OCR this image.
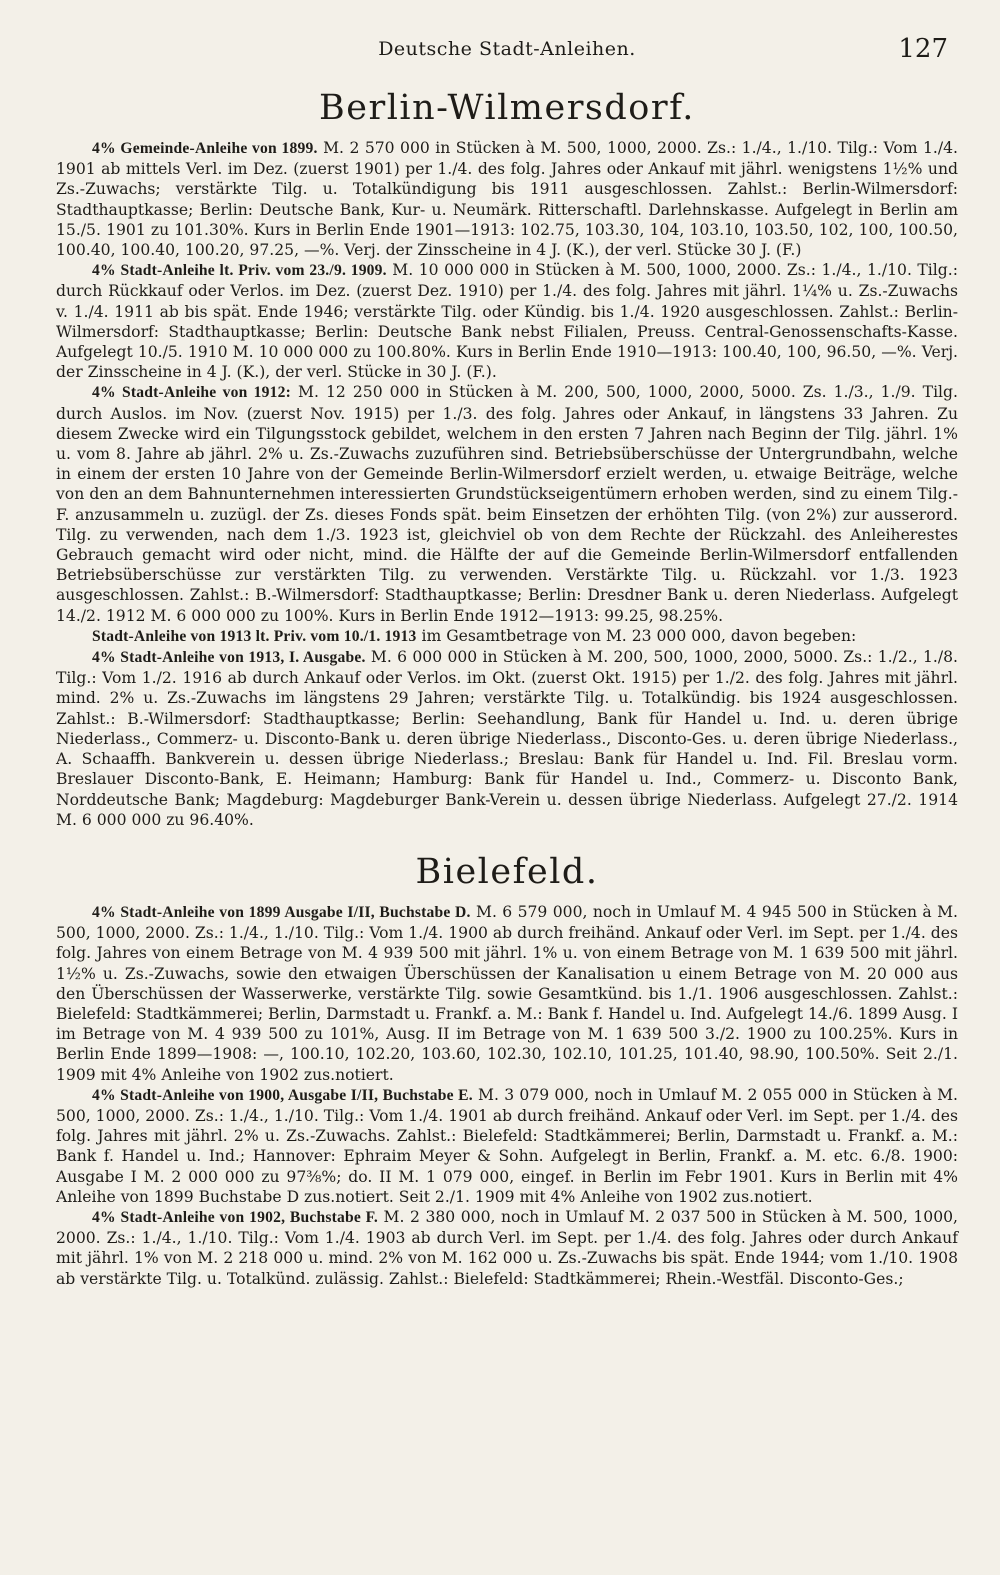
Deutsche Stadt-Anleihen.	127
Berlin-Wilmersdorf.

4% Gemeinde-Anleihe von 1899. M. 2 570 000 in Stücken à M. 500, 1000, 2000. Zs.: 1./4., 1./10. Tilg.: Vom 1./4. 1901 ab mittels Verl. im Dez. (zuerst 1901) per 1./4. des folg. Jahres oder Ankauf mit jährl. wenigstens 1½% und Zs.-Zuwachs; verstärkte Tilg. u. Totalkündigung bis 1911 ausgeschlossen. Zahlst.: Berlin-Wilmersdorf: Stadthauptkasse; Berlin: Deutsche Bank, Kur- u. Neumärk. Ritterschaftl. Darlehnskasse. Aufgelegt in Berlin am 15./5. 1901 zu 101.30%. Kurs in Berlin Ende 1901—1913: 102.75, 103.30, 104, 103.10, 103.50, 102, 100, 100.50, 100.40, 100.40, 100.20, 97.25, —%. Verj. der Zinsscheine in 4 J. (K.), der verl. Stücke 30 J. (F.)

4% Stadt-Anleihe lt. Priv. vom 23./9. 1909. M. 10 000 000 in Stücken à M. 500, 1000, 2000. Zs.: 1./4., 1./10. Tilg.: durch Rückkauf oder Verlos. im Dez. (zuerst Dez. 1910) per 1./4. des folg. Jahres mit jährl. 1¼% u. Zs.-Zuwachs v. 1./4. 1911 ab bis spät. Ende 1946; verstärkte Tilg. oder Kündig. bis 1./4. 1920 ausgeschlossen. Zahlst.: Berlin-Wilmersdorf: Stadthauptkasse; Berlin: Deutsche Bank nebst Filialen, Preuss. Central-Genossenschafts-Kasse. Aufgelegt 10./5. 1910 M. 10 000 000 zu 100.80%. Kurs in Berlin Ende 1910—1913: 100.40, 100, 96.50, —%. Verj. der Zinsscheine in 4 J. (K.), der verl. Stücke in 30 J. (F.).

4% Stadt-Anleihe von 1912: M. 12 250 000 in Stücken à M. 200, 500, 1000, 2000, 5000. Zs. 1./3., 1./9. Tilg. durch Auslos. im Nov. (zuerst Nov. 1915) per 1./3. des folg. Jahres oder Ankauf, in längstens 33 Jahren. Zu diesem Zwecke wird ein Tilgungsstock gebildet, welchem in den ersten 7 Jahren nach Beginn der Tilg. jährl. 1% u. vom 8. Jahre ab jährl. 2% u. Zs.-Zuwachs zuzuführen sind. Betriebsüberschüsse der Untergrundbahn, welche in einem der ersten 10 Jahre von der Gemeinde Berlin-Wilmersdorf erzielt werden, u. etwaige Beiträge, welche von den an dem Bahnunternehmen interessierten Grundstückseigentümern erhoben werden, sind zu einem Tilg.-F. anzusammeln u. zuzügl. der Zs. dieses Fonds spät. beim Einsetzen der erhöhten Tilg. (von 2%) zur ausserord. Tilg. zu verwenden, nach dem 1./3. 1923 ist, gleichviel ob von dem Rechte der Rückzahl. des Anleiherestes Gebrauch gemacht wird oder nicht, mind. die Hälfte der auf die Gemeinde Berlin-Wilmersdorf entfallenden Betriebsüberschüsse zur verstärkten Tilg. zu verwenden. Verstärkte Tilg. u. Rückzahl. vor 1./3. 1923 ausgeschlossen. Zahlst.: B.-Wilmersdorf: Stadthauptkasse; Berlin: Dresdner Bank u. deren Niederlass. Aufgelegt 14./2. 1912 M. 6 000 000 zu 100%. Kurs in Berlin Ende 1912—1913: 99.25, 98.25%.

Stadt-Anleihe von 1913 lt. Priv. vom 10./1. 1913 im Gesamtbetrage von M. 23 000 000, davon begeben:

4% Stadt-Anleihe von 1913, I. Ausgabe. M. 6 000 000 in Stücken à M. 200, 500, 1000, 2000, 5000. Zs.: 1./2., 1./8. Tilg.: Vom 1./2. 1916 ab durch Ankauf oder Verlos. im Okt. (zuerst Okt. 1915) per 1./2. des folg. Jahres mit jährl. mind. 2% u. Zs.-Zuwachs im längstens 29 Jahren; verstärkte Tilg. u. Totalkündig. bis 1924 ausgeschlossen. Zahlst.: B.-Wilmersdorf: Stadthauptkasse; Berlin: Seehandlung, Bank für Handel u. Ind. u. deren übrige Niederlass., Commerz- u. Disconto-Bank u. deren übrige Niederlass., Disconto-Ges. u. deren übrige Niederlass., A. Schaaffh. Bankverein u. dessen übrige Niederlass.; Breslau: Bank für Handel u. Ind. Fil. Breslau vorm. Breslauer Disconto-Bank, E. Heimann; Hamburg: Bank für Handel u. Ind., Commerz- u. Disconto Bank, Norddeutsche Bank; Magdeburg: Magdeburger Bank-Verein u. dessen übrige Niederlass. Aufgelegt 27./2. 1914 M. 6 000 000 zu 96.40%.

Bielefeld.

4% Stadt-Anleihe von 1899 Ausgabe I/II, Buchstabe D. M. 6 579 000, noch in Umlauf M. 4 945 500 in Stücken à M. 500, 1000, 2000. Zs.: 1./4., 1./10. Tilg.: Vom 1./4. 1900 ab durch freihänd. Ankauf oder Verl. im Sept. per 1./4. des folg. Jahres von einem Betrage von M. 4 939 500 mit jährl. 1% u. von einem Betrage von M. 1 639 500 mit jährl. 1½% u. Zs.-Zuwachs, sowie den etwaigen Überschüssen der Kanalisation u einem Betrage von M. 20 000 aus den Überschüssen der Wasserwerke, verstärkte Tilg. sowie Gesamtkünd. bis 1./1. 1906 ausgeschlossen. Zahlst.: Bielefeld: Stadtkämmerei; Berlin, Darmstadt u. Frankf. a. M.: Bank f. Handel u. Ind. Aufgelegt 14./6. 1899 Ausg. I im Betrage von M. 4 939 500 zu 101%, Ausg. II im Betrage von M. 1 639 500 3./2. 1900 zu 100.25%. Kurs in Berlin Ende 1899—1908: —, 100.10, 102.20, 103.60, 102.30, 102.10, 101.25, 101.40, 98.90, 100.50%. Seit 2./1. 1909 mit 4% Anleihe von 1902 zus.notiert.

4% Stadt-Anleihe von 1900, Ausgabe I/II, Buchstabe E. M. 3 079 000, noch in Umlauf M. 2 055 000 in Stücken à M. 500, 1000, 2000. Zs.: 1./4., 1./10. Tilg.: Vom 1./4. 1901 ab durch freihänd. Ankauf oder Verl. im Sept. per 1./4. des folg. Jahres mit jährl. 2% u. Zs.-Zuwachs. Zahlst.: Bielefeld: Stadtkämmerei; Berlin, Darmstadt u. Frankf. a. M.: Bank f. Handel u. Ind.; Hannover: Ephraim Meyer & Sohn. Aufgelegt in Berlin, Frankf. a. M. etc. 6./8. 1900: Ausgabe I M. 2 000 000 zu 97⅜%; do. II M. 1 079 000, eingef. in Berlin im Febr 1901. Kurs in Berlin mit 4% Anleihe von 1899 Buchstabe D zus.notiert. Seit 2./1. 1909 mit 4% Anleihe von 1902 zus.notiert.

4% Stadt-Anleihe von 1902, Buchstabe F. M. 2 380 000, noch in Umlauf M. 2 037 500 in Stücken à M. 500, 1000, 2000. Zs.: 1./4., 1./10. Tilg.: Vom 1./4. 1903 ab durch Verl. im Sept. per 1./4. des folg. Jahres oder durch Ankauf mit jährl. 1% von M. 2 218 000 u. mind. 2% von M. 162 000 u. Zs.-Zuwachs bis spät. Ende 1944; vom 1./10. 1908 ab verstärkte Tilg. u. Totalkünd. zulässig. Zahlst.: Bielefeld: Stadtkämmerei; Rhein.-Westfäl. Disconto-Ges.;
